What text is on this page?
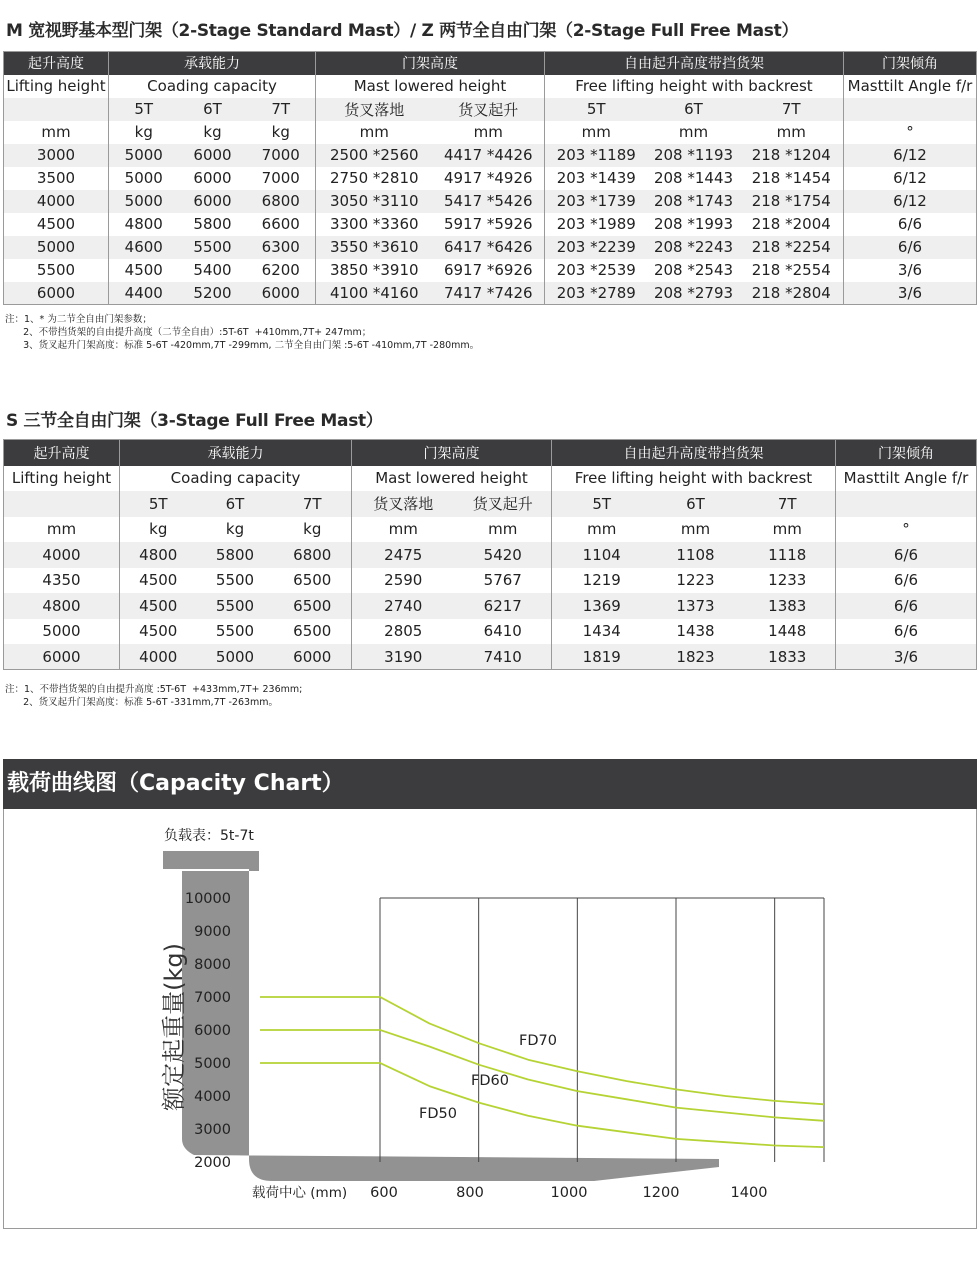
M 宽视野基本型门架（2-Stage Standard Mast）/ Z 两节全自由门架（2-Stage Full Free Mast）
起升高度	承载能力			门架高度		自由起升高度带挡货架			门架倾角
Lifting height	Coading capacity			Mast lowered height		Free lifting height with backrest			Masttilt Angle f/r
	5T	6T	7T	货叉落地	货叉起升	5T	6T	7T	
mm	kg	kg	kg	mm	mm	mm	mm	mm	°
3000	5000	6000	7000	2500 *2560	4417 *4426	203 *1189	208 *1193	218 *1204	6/12
3500	5000	6000	7000	2750 *2810	4917 *4926	203 *1439	208 *1443	218 *1454	6/12
4000	5000	6000	6800	3050 *3110	5417 *5426	203 *1739	208 *1743	218 *1754	6/12
4500	4800	5800	6600	3300 *3360	5917 *5926	203 *1989	208 *1993	218 *2004	6/6
5000	4600	5500	6300	3550 *3610	6417 *6426	203 *2239	208 *2243	218 *2254	6/6
5500	4500	5400	6200	3850 *3910	6917 *6926	203 *2539	208 *2543	218 *2554	3/6
6000	4400	5200	6000	4100 *4160	7417 *7426	203 *2789	208 *2793	218 *2804	3/6
注：1、* 为二节全自由门架参数；
2、不带挡货架的自由提升高度（二节全自由）:5T-6T  +410mm,7T+ 247mm；
3、货叉起升门架高度：标准 5-6T -420mm,7T -299mm, 二节全自由门架 :5-6T -410mm,7T -280mm。
S 三节全自由门架（3-Stage Full Free Mast）
起升高度	承载能力			门架高度		自由起升高度带挡货架			门架倾角
Lifting height	Coading capacity			Mast lowered height		Free lifting height with backrest			Masttilt Angle f/r
	5T	6T	7T	货叉落地	货叉起升	5T	6T	7T	
mm	kg	kg	kg	mm	mm	mm	mm	mm	°
4000	4800	5800	6800	2475	5420	1104	1108	1118	6/6
4350	4500	5500	6500	2590	5767	1219	1223	1233	6/6
4800	4500	5500	6500	2740	6217	1369	1373	1383	6/6
5000	4500	5500	6500	2805	6410	1434	1438	1448	6/6
6000	4000	5000	6000	3190	7410	1819	1823	1833	3/6
注：1、不带挡货架的自由提升高度 :5T-6T  +433mm,7T+ 236mm;
2、货叉起升门架高度：标准 5-6T -331mm,7T -263mm。
载荷曲线图（Capacity Chart）
负载表：5t-7t
10000
9000
8000
7000
6000
5000
4000
3000
2000
600	800	1000	1200	1400
载荷中心 (mm)
额定起重量(kg)	FD70
FD60
FD50
